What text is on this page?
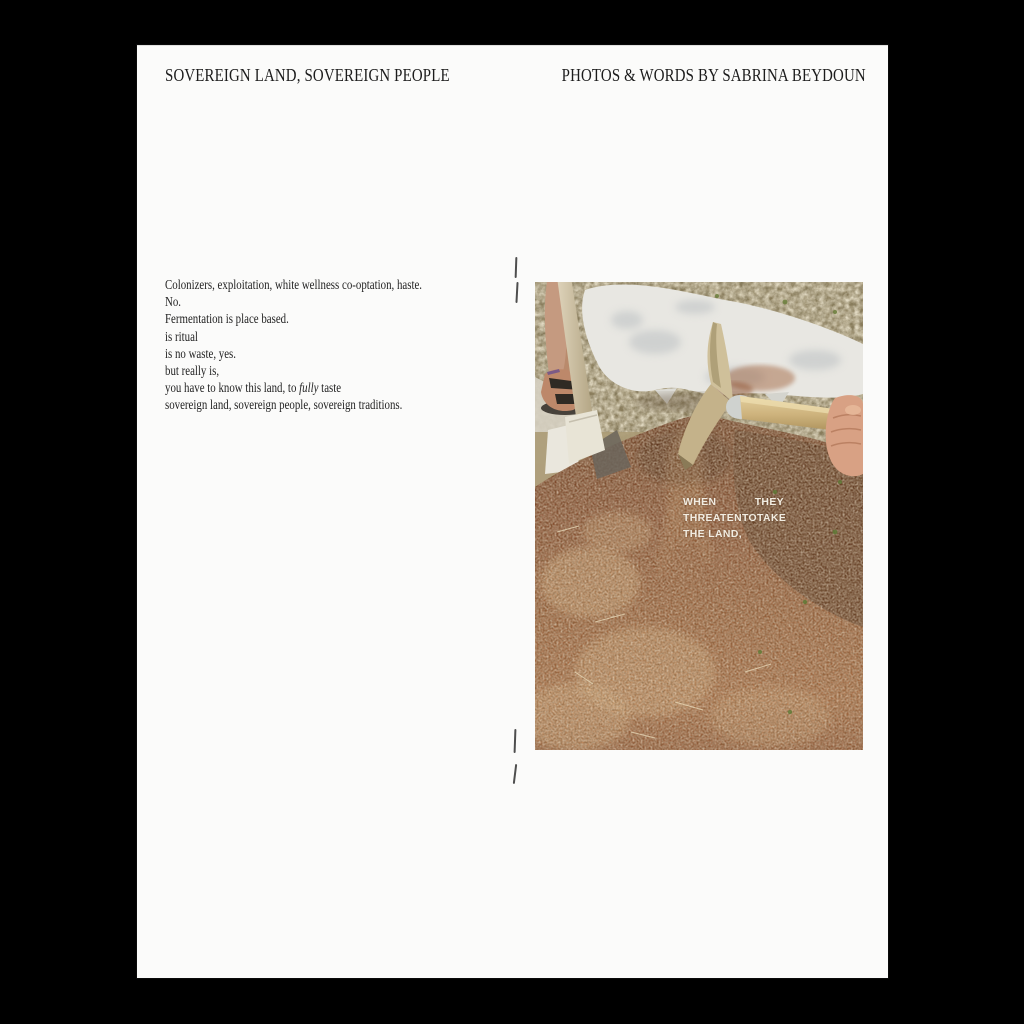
SOVEREIGN LAND, SOVEREIGN PEOPLE	PHOTOS & WORDS BY SABRINA BEYDOUN
Colonizers, exploitation, white wellness co-optation, haste.
No.
Fermentation is place based.
is ritual
is no waste, yes.
but really is,
you have to know this land, to fully taste
sovereign land, sovereign people, sovereign traditions.
WHEN	THEY
THREATEN TO TAKE
THE LAND,
